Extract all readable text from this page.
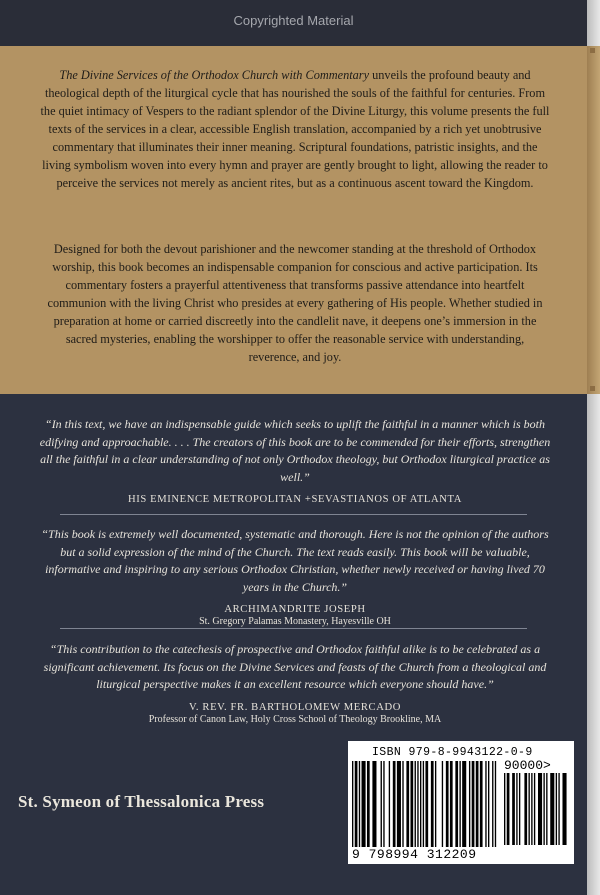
Copyrighted Material

The Divine Services of the Orthodox Church with Commentary unveils the profound beauty and theological depth of the liturgical cycle that has nourished the souls of the faithful for centuries. From the quiet intimacy of Vespers to the radiant splendor of the Divine Liturgy, this volume presents the full texts of the services in a clear, accessible English translation, accompanied by a rich yet unobtrusive commentary that illuminates their inner meaning. Scriptural foundations, patristic insights, and the living symbolism woven into every hymn and prayer are gently brought to light, allowing the reader to perceive the services not merely as ancient rites, but as a continuous ascent toward the Kingdom.

Designed for both the devout parishioner and the newcomer standing at the threshold of Orthodox worship, this book becomes an indispensable companion for conscious and active participation. Its commentary fosters a prayerful attentiveness that transforms passive attendance into heartfelt communion with the living Christ who presides at every gathering of His people. Whether studied in preparation at home or carried discreetly into the candlelit nave, it deepens one’s immersion in the sacred mysteries, enabling the worshipper to offer the reasonable service with understanding, reverence, and joy.

“In this text, we have an indispensable guide which seeks to uplift the faithful in a manner which is both edifying and approachable. . . . The creators of this book are to be commended for their efforts, strengthen all the faithful in a clear understanding of not only Orthodox theology, but Orthodox liturgical practice as well.”

HIS EMINENCE METROPOLITAN +SEVASTIANOS OF ATLANTA

“This book is extremely well documented, systematic and thorough. Here is not the opinion of the authors but a solid expression of the mind of the Church. The text reads easily. This book will be valuable, informative and inspiring to any serious Orthodox Christian, whether newly received or having lived 70 years in the Church.”

ARCHIMANDRITE JOSEPH
St. Gregory Palamas Monastery, Hayesville OH

“This contribution to the catechesis of prospective and Orthodox faithful alike is to be celebrated as a significant achievement. Its focus on the Divine Services and feasts of the Church from a theological and liturgical perspective makes it an excellent resource which everyone should have.”

V. REV. FR. BARTHOLOMEW MERCADO
Professor of Canon Law, Holy Cross School of Theology Brookline, MA
St. Symeon of Thessalonica Press
ISBN 979-8-9943122-0-9
90000>
9 798994 312209
